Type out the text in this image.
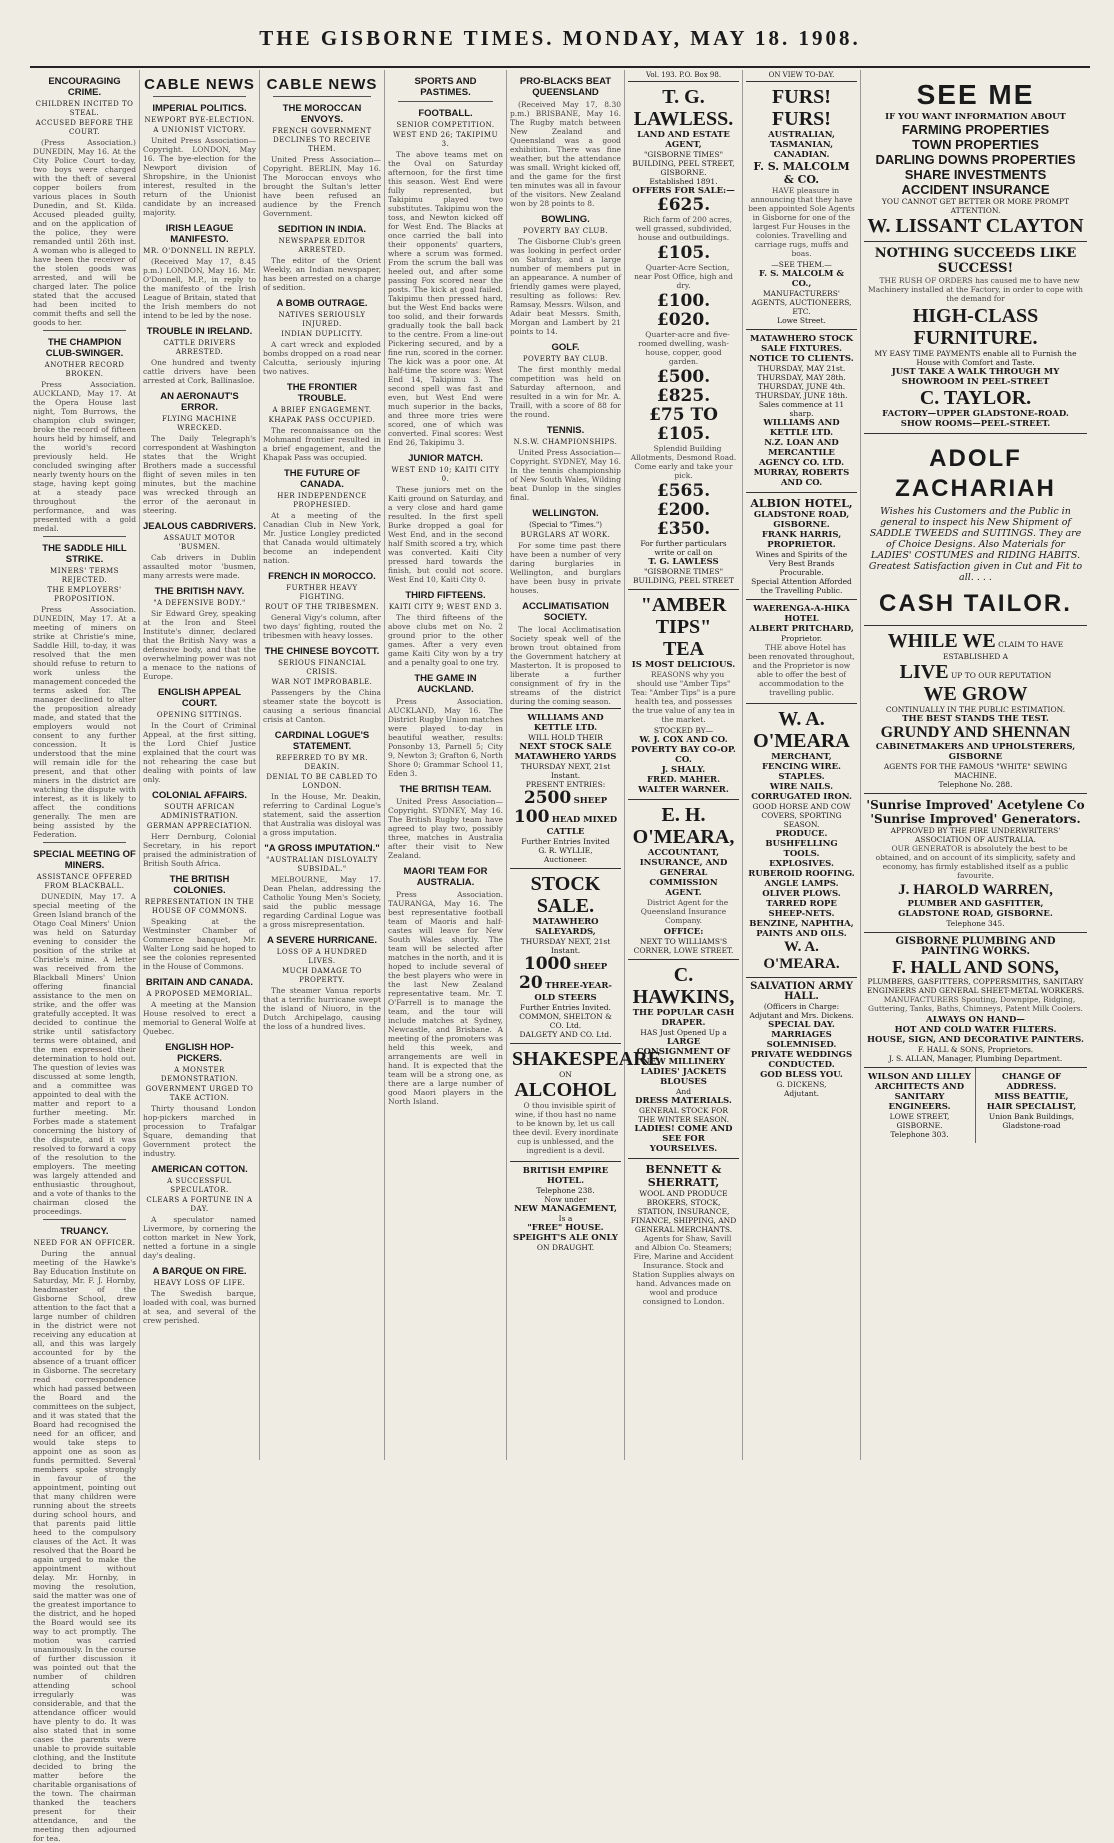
THE GISBORNE TIMES. MONDAY, MAY 18. 1908.
ENCOURAGING CRIME.
CHILDREN INCITED TO STEAL.
ACCUSED BEFORE THE COURT.

(Press Association.) DUNEDIN, May 16. At the City Police Court to-day, two boys were charged with the theft of several copper boilers from various places in South Dunedin, and St. Kilda. Accused pleaded guilty, and on the application of the police, they were remanded until 26th inst. A woman who is alleged to have been the receiver of the stolen goods was arrested, and will be charged later. The police stated that the accused had been incited to commit thefts and sell the goods to her.

THE CHAMPION CLUB-SWINGER.
ANOTHER RECORD BROKEN.

Press Association. AUCKLAND, May 17. At the Opera House last night, Tom Burrows, the champion club swinger, broke the record of fifteen hours held by himself, and the world's record previously held. He concluded swinging after nearly twenty hours on the stage, having kept going at a steady pace throughout the performance, and was presented with a gold medal.

THE SADDLE HILL STRIKE.
MINERS' TERMS REJECTED.
THE EMPLOYERS' PROPOSITION.

Press Association. DUNEDIN, May 17. At a meeting of miners on strike at Christie's mine, Saddle Hill, to-day, it was resolved that the men should refuse to return to work unless the management conceded the terms asked for. The manager declined to alter the proposition already made, and stated that the employers would not consent to any further concession. It is understood that the mine will remain idle for the present, and that other miners in the district are watching the dispute with interest, as it is likely to affect the conditions generally. The men are being assisted by the Federation.

SPECIAL MEETING OF MINERS.
ASSISTANCE OFFERED FROM BLACKBALL.

DUNEDIN, May 17. A special meeting of the Green Island branch of the Otago Coal Miners' Union was held on Saturday evening to consider the position of the strike at Christie's mine. A letter was received from the Blackball Miners' Union offering financial assistance to the men on strike, and the offer was gratefully accepted. It was decided to continue the strike until satisfactory terms were obtained, and the men expressed their determination to hold out. The question of levies was discussed at some length, and a committee was appointed to deal with the matter and report to a further meeting. Mr. Forbes made a statement concerning the history of the dispute, and it was resolved to forward a copy of the resolution to the employers. The meeting was largely attended and enthusiastic throughout, and a vote of thanks to the chairman closed the proceedings.

TRUANCY.
NEED FOR AN OFFICER.

During the annual meeting of the Hawke's Bay Education Institute on Saturday, Mr. F. J. Hornby, headmaster of the Gisborne School, drew attention to the fact that a large number of children in the district were not receiving any education at all, and this was largely accounted for by the absence of a truant officer in Gisborne. The secretary read correspondence which had passed between the Board and the committees on the subject, and it was stated that the Board had recognised the need for an officer, and would take steps to appoint one as soon as funds permitted. Several members spoke strongly in favour of the appointment, pointing out that many children were running about the streets during school hours, and that parents paid little heed to the compulsory clauses of the Act. It was resolved that the Board be again urged to make the appointment without delay. Mr. Hornby, in moving the resolution, said the matter was one of the greatest importance to the district, and he hoped the Board would see its way to act promptly. The motion was carried unanimously. In the course of further discussion it was pointed out that the number of children attending school irregularly was considerable, and that the attendance officer would have plenty to do. It was also stated that in some cases the parents were unable to provide suitable clothing, and the Institute decided to bring the matter before the charitable organisations of the town. The chairman thanked the teachers present for their attendance, and the meeting then adjourned for tea.

CABLE NEWS
IMPERIAL POLITICS.
NEWPORT BYE-ELECTION.
A UNIONIST VICTORY.

United Press Association—Copyright. LONDON, May 16. The bye-election for the Newport division of Shropshire, in the Unionist interest, resulted in the return of the Unionist candidate by an increased majority.

IRISH LEAGUE MANIFESTO.
MR. O'DONNELL IN REPLY.

(Received May 17, 8.45 p.m.) LONDON, May 16. Mr. O'Donnell, M.P., in reply to the manifesto of the Irish League of Britain, stated that the Irish members do not intend to be led by the nose.

TROUBLE IN IRELAND.
CATTLE DRIVERS ARRESTED.

One hundred and twenty cattle drivers have been arrested at Cork, Ballinasloe.

AN AERONAUT'S ERROR.
FLYING MACHINE WRECKED.

The Daily Telegraph's correspondent at Washington states that the Wright Brothers made a successful flight of seven miles in ten minutes, but the machine was wrecked through an error of the aeronaut in steering.

JEALOUS CABDRIVERS.
ASSAULT MOTOR 'BUSMEN.

Cab drivers in Dublin assaulted motor 'busmen, many arrests were made.

THE BRITISH NAVY.
"A DEFENSIVE BODY."

Sir Edward Grey, speaking at the Iron and Steel Institute's dinner, declared that the British Navy was a defensive body, and that the overwhelming power was not a menace to the nations of Europe.

ENGLISH APPEAL COURT.
OPENING SITTINGS.

In the Court of Criminal Appeal, at the first sitting, the Lord Chief Justice explained that the court was not rehearing the case but dealing with points of law only.

COLONIAL AFFAIRS.
SOUTH AFRICAN ADMINISTRATION.
GERMAN APPRECIATION.

Herr Dernburg, Colonial Secretary, in his report praised the administration of British South Africa.

THE BRITISH COLONIES.
REPRESENTATION IN THE HOUSE OF COMMONS.

Speaking at the Westminster Chamber of Commerce banquet, Mr. Walter Long said he hoped to see the colonies represented in the House of Commons.

BRITAIN AND CANADA.
A PROPOSED MEMORIAL.

A meeting at the Mansion House resolved to erect a memorial to General Wolfe at Quebec.

ENGLISH HOP-PICKERS.
A MONSTER DEMONSTRATION.
GOVERNMENT URGED TO TAKE ACTION.

Thirty thousand London hop-pickers marched in procession to Trafalgar Square, demanding that Government protect the industry.

AMERICAN COTTON.
A SUCCESSFUL SPECULATOR.
CLEARS A FORTUNE IN A DAY.

A speculator named Livermore, by cornering the cotton market in New York, netted a fortune in a single day's dealing.

A BARQUE ON FIRE.
HEAVY LOSS OF LIFE.

The Swedish barque, loaded with coal, was burned at sea, and several of the crew perished.

CABLE NEWS
THE MOROCCAN ENVOYS.
FRENCH GOVERNMENT DECLINES TO RECEIVE THEM.

United Press Association—Copyright. BERLIN, May 16. The Moroccan envoys who brought the Sultan's letter have been refused an audience by the French Government.

SEDITION IN INDIA.
NEWSPAPER EDITOR ARRESTED.

The editor of the Orient Weekly, an Indian newspaper, has been arrested on a charge of sedition.

A BOMB OUTRAGE.
NATIVES SERIOUSLY INJURED.
INDIAN DUPLICITY.

A cart wreck and exploded bombs dropped on a road near Calcutta, seriously injuring two natives.

THE FRONTIER TROUBLE.
A BRIEF ENGAGEMENT.
KHAPAK PASS OCCUPIED.

The reconnaissance on the Mohmand frontier resulted in a brief engagement, and the Khapak Pass was occupied.

THE FUTURE OF CANADA.
HER INDEPENDENCE PROPHESIED.

At a meeting of the Canadian Club in New York, Mr. Justice Longley predicted that Canada would ultimately become an independent nation.

FRENCH IN MOROCCO.
FURTHER HEAVY FIGHTING.
ROUT OF THE TRIBESMEN.

General Vigy's column, after two days' fighting, routed the tribesmen with heavy losses.

THE CHINESE BOYCOTT.
SERIOUS FINANCIAL CRISIS.
WAR NOT IMPROBABLE.

Passengers by the China steamer state the boycott is causing a serious financial crisis at Canton.

CARDINAL LOGUE'S STATEMENT.
REFERRED TO BY MR. DEAKIN.
DENIAL TO BE CABLED TO LONDON.

In the House, Mr. Deakin, referring to Cardinal Logue's statement, said the assertion that Australia was disloyal was a gross imputation.

"A GROSS IMPUTATION."
"AUSTRALIAN DISLOYALTY SUBSIDAL."

MELBOURNE, May 17. Dean Phelan, addressing the Catholic Young Men's Society, said the public message regarding Cardinal Logue was a gross misrepresentation.

A SEVERE HURRICANE.
LOSS OF A HUNDRED LIVES.
MUCH DAMAGE TO PROPERTY.

The steamer Vanua reports that a terrific hurricane swept the island of Niuoro, in the Dutch Archipelago, causing the loss of a hundred lives.

SPORTS AND PASTIMES.
FOOTBALL.
SENIOR COMPETITION.
WEST END 26; TAKIPIMU 3.

The above teams met on the Oval on Saturday afternoon, for the first time this season. West End were fully represented, but Takipimu played two substitutes. Takipimu won the toss, and Newton kicked off for West End. The Blacks at once carried the ball into their opponents' quarters, where a scrum was formed. From the scrum the ball was heeled out, and after some passing Fox scored near the posts. The kick at goal failed. Takipimu then pressed hard, but the West End backs were too solid, and their forwards gradually took the ball back to the centre. From a line-out Pickering secured, and by a fine run, scored in the corner. The kick was a poor one. At half-time the score was: West End 14, Takipimu 3. The second spell was fast and even, but West End were much superior in the backs, and three more tries were scored, one of which was converted. Final scores: West End 26, Takipimu 3.

JUNIOR MATCH.
WEST END 10; KAITI CITY 0.

These juniors met on the Kaiti ground on Saturday, and a very close and hard game resulted. In the first spell Burke dropped a goal for West End, and in the second half Smith scored a try, which was converted. Kaiti City pressed hard towards the finish, but could not score. West End 10, Kaiti City 0.

THIRD FIFTEENS.
KAITI CITY 9; WEST END 3.

The third fifteens of the above clubs met on No. 2 ground prior to the other games. After a very even game Kaiti City won by a try and a penalty goal to one try.

THE GAME IN AUCKLAND.

Press Association. AUCKLAND, May 16. The District Rugby Union matches were played to-day in beautiful weather, results: Ponsonby 13, Parnell 5; City 9, Newton 3; Grafton 6, North Shore 0; Grammar School 11, Eden 3.

THE BRITISH TEAM.

United Press Association—Copyright. SYDNEY, May 16. The British Rugby team have agreed to play two, possibly three, matches in Australia after their visit to New Zealand.

MAORI TEAM FOR AUSTRALIA.

Press Association. TAURANGA, May 16. The best representative football team of Maoris and half-castes will leave for New South Wales shortly. The team will be selected after matches in the north, and it is hoped to include several of the best players who were in the last New Zealand representative team. Mr. T. O'Farrell is to manage the team, and the tour will include matches at Sydney, Newcastle, and Brisbane. A meeting of the promoters was held this week, and arrangements are well in hand. It is expected that the team will be a strong one, as there are a large number of good Maori players in the North Island.

PRO-BLACKS BEAT QUEENSLAND

(Received May 17, 8.30 p.m.) BRISBANE, May 16. The Rugby match between New Zealand and Queensland was a good exhibition. There was fine weather, but the attendance was small. Wright kicked off, and the game for the first ten minutes was all in favour of the visitors. New Zealand won by 28 points to 8.

BOWLING.
POVERTY BAY CLUB.

The Gisborne Club's green was looking in perfect order on Saturday, and a large number of members put in an appearance. A number of friendly games were played, resulting as follows: Rev. Ramsay, Messrs. Wilson, and Adair beat Messrs. Smith, Morgan and Lambert by 21 points to 14.

GOLF.
POVERTY BAY CLUB.

The first monthly medal competition was held on Saturday afternoon, and resulted in a win for Mr. A. Traill, with a score of 88 for the round.

TENNIS.
N.S.W. CHAMPIONSHIPS.

United Press Association—Copyright. SYDNEY, May 16. In the tennis championship of New South Wales, Wilding beat Dunlop in the singles final.

WELLINGTON.
(Special to "Times.")
BURGLARS AT WORK.

For some time past there have been a number of very daring burglaries in Wellington, and burglars have been busy in private houses.

ACCLIMATISATION SOCIETY.

The local Acclimatisation Society speak well of the brown trout obtained from the Government hatchery at Masterton. It is proposed to liberate a further consignment of fry in the streams of the district during the coming season.

WILLIAMS AND KETTLE LTD.
WILL HOLD THEIR
NEXT STOCK SALE
MATAWHERO YARDS
THURSDAY NEXT, 21st Instant.
PRESENT ENTRIES:
2500 SHEEP
100 HEAD MIXED CATTLE
Further Entries Invited
G. R. WYLLIE,
Auctioneer.
STOCK SALE.
MATAWHERO SALEYARDS,
THURSDAY NEXT, 21st Instant.
1000 SHEEP
20 THREE-YEAR-OLD STEERS
Further Entries Invited.
COMMON, SHELTON & CO. Ltd.
DALGETY AND CO. Ltd.
SHAKESPEARE
ON
ALCOHOL

O thou invisible spirit of wine, if thou hast no name to be known by, let us call thee devil. Every inordinate cup is unblessed, and the ingredient is a devil.

BRITISH EMPIRE HOTEL.
Telephone 238.
Now under
NEW MANAGEMENT,
Is a
"FREE" HOUSE.
SPEIGHT'S ALE ONLY
ON DRAUGHT.
Vol. 193. P.O. Box 98.
T. G. LAWLESS.
LAND AND ESTATE AGENT,
"GISBORNE TIMES" BUILDING, PEEL STREET, GISBORNE.
Established 1891.
OFFERS FOR SALE:—
£625.

Rich farm of 200 acres, well grassed, subdivided, house and outbuildings.

£105.

Quarter-Acre Section, near Post Office, high and dry.

£100.
£020.

Quarter-acre and five-roomed dwelling, wash-house, copper, good garden.

£500.
£825.
£75 TO £105.

Splendid Building Allotments, Desmond Road. Come early and take your pick.

£565.
£200.
£350.
For further particulars write or call on
T. G. LAWLESS
"GISBORNE TIMES" BUILDING, PEEL STREET
"AMBER TIPS"
TEA
IS MOST DELICIOUS.

REASONS why you should use "Amber Tips" Tea: "Amber Tips" is a pure health tea, and possesses the true value of any tea in the market.

STOCKED BY—
W. J. COX AND CO.
POVERTY BAY CO-OP. CO.
J. SHALY.
FRED. MAHER.
WALTER WARNER.
E. H. O'MEARA,
ACCOUNTANT, INSURANCE, AND GENERAL COMMISSION AGENT.

District Agent for the Queensland Insurance Company.

OFFICE:
NEXT TO WILLIAMS'S CORNER, LOWE STREET.
C. HAWKINS,
THE POPULAR CASH DRAPER.
HAS Just Opened Up a
LARGE CONSIGNMENT OF
NEW MILLINERY
LADIES' JACKETS
BLOUSES
And
DRESS MATERIALS.
GENERAL STOCK FOR THE WINTER SEASON.
LADIES! COME AND SEE FOR YOURSELVES.
BENNETT & SHERRATT,
WOOL AND PRODUCE BROKERS, STOCK, STATION, INSURANCE, FINANCE, SHIPPING, AND GENERAL MERCHANTS.

Agents for Shaw, Savill and Albion Co. Steamers; Fire, Marine and Accident Insurance. Stock and Station Supplies always on hand. Advances made on wool and produce consigned to London.

ON VIEW TO-DAY.
FURS! FURS!
AUSTRALIAN, TASMANIAN, CANADIAN.
F. S. MALCOLM & CO.

HAVE pleasure in announcing that they have been appointed Sole Agents in Gisborne for one of the largest Fur Houses in the colonies. Travelling and carriage rugs, muffs and boas.

—SEE THEM.—
F. S. MALCOLM & CO.,
MANUFACTURERS' AGENTS, AUCTIONEERS, ETC.
Lowe Street.
MATAWHERO STOCK SALE FIXTURES.
NOTICE TO CLIENTS.
THURSDAY, MAY 21st.
THURSDAY, MAY 28th.
THURSDAY, JUNE 4th.
THURSDAY, JUNE 18th.
Sales commence at 11 sharp.
WILLIAMS AND KETTLE LTD.
N.Z. LOAN AND MERCANTILE AGENCY CO. LTD.
MURRAY, ROBERTS AND CO.
ALBION HOTEL,
GLADSTONE ROAD, GISBORNE.
FRANK HARRIS, PROPRIETOR.
Wines and Spirits of the Very Best Brands Procurable.
Special Attention Afforded the Travelling Public.
WAERENGA-A-HIKA HOTEL
ALBERT PRITCHARD,
Proprietor.

THE above Hotel has been renovated throughout, and the Proprietor is now able to offer the best of accommodation to the travelling public.

W. A. O'MEARA
MERCHANT,
FENCING WIRE.
STAPLES.
WIRE NAILS.
CORRUGATED IRON.
GOOD HORSE AND COW COVERS, SPORTING SEASON.
PRODUCE.
BUSHFELLING TOOLS.
EXPLOSIVES.
RUBEROID ROOFING.
ANGLE LAMPS.
OLIVER PLOWS.
TARRED ROPE SHEEP-NETS.
BENZINE, NAPHTHA, PAINTS AND OILS.
W. A. O'MEARA.
SALVATION ARMY HALL.
(Officers in Charge:
Adjutant and Mrs. Dickens.
SPECIAL DAY.
MARRIAGES SOLEMNISED.
PRIVATE WEDDINGS CONDUCTED.
GOD BLESS YOU.
G. DICKENS,
Adjutant.
SEE ME
IF YOU WANT INFORMATION ABOUT
FARMING PROPERTIES
TOWN PROPERTIES
DARLING DOWNS PROPERTIES
SHARE INVESTMENTS
ACCIDENT INSURANCE
YOU CANNOT GET BETTER OR MORE PROMPT ATTENTION.
W. LISSANT CLAYTON
NOTHING SUCCEEDS LIKE
SUCCESS!

THE RUSH OF ORDERS has caused me to have new Machinery installed at the Factory, in order to cope with the demand for

HIGH-CLASS FURNITURE.
MY EASY TIME PAYMENTS enable all to Furnish the House with Comfort and Taste.
JUST TAKE A WALK THROUGH MY SHOWROOM IN PEEL-STREET
C. TAYLOR.
FACTORY—UPPER GLADSTONE-ROAD.
SHOW ROOMS—PEEL-STREET.
ADOLF ZACHARIAH
Wishes his Customers and the Public in general to inspect his New Shipment of SADDLE TWEEDS and SUITINGS. They are of Choice Designs. Also Materials for LADIES' COSTUMES and RIDING HABITS. Greatest Satisfaction given in Cut and Fit to all. . . .
CASH TAILOR.
WHILE WE CLAIM TO HAVE ESTABLISHED A
LIVE UP TO OUR REPUTATION
WE GROW
CONTINUALLY IN THE PUBLIC ESTIMATION.
THE BEST STANDS THE TEST.
GRUNDY AND SHENNAN
CABINETMAKERS AND UPHOLSTERERS,
GISBORNE
AGENTS FOR THE FAMOUS "WHITE" SEWING MACHINE.
Telephone No. 288.
'Sunrise Improved' Acetylene Co
'Sunrise Improved' Generators.
APPROVED BY THE FIRE UNDERWRITERS' ASSOCIATION OF AUSTRALIA.

OUR GENERATOR is absolutely the best to be obtained, and on account of its simplicity, safety and economy, has firmly established itself as a public favourite.

J. HAROLD WARREN,
PLUMBER AND GASFITTER,
GLADSTONE ROAD, GISBORNE.
Telephone 345.
GISBORNE PLUMBING AND PAINTING WORKS.
F. HALL AND SONS,
PLUMBERS, GASFITTERS, COPPERSMITHS, SANITARY ENGINEERS AND GENERAL SHEET-METAL WORKERS.

MANUFACTURERS Spouting, Downpipe, Ridging, Guttering, Tanks, Baths, Chimneys, Patent Milk Coolers.

ALWAYS ON HAND—
HOT AND COLD WATER FILTERS.
HOUSE, SIGN, AND DECORATIVE PAINTERS.
F. HALL & SONS, Proprietors.
J. S. ALLAN, Manager, Plumbing Department.
WILSON AND LILLEY
ARCHITECTS AND SANITARY ENGINEERS.
LOWE STREET, GISBORNE.
Telephone 303.
CHANGE OF ADDRESS.
MISS BEATTIE,
HAIR SPECIALIST,
Union Bank Buildings, Gladstone-road
